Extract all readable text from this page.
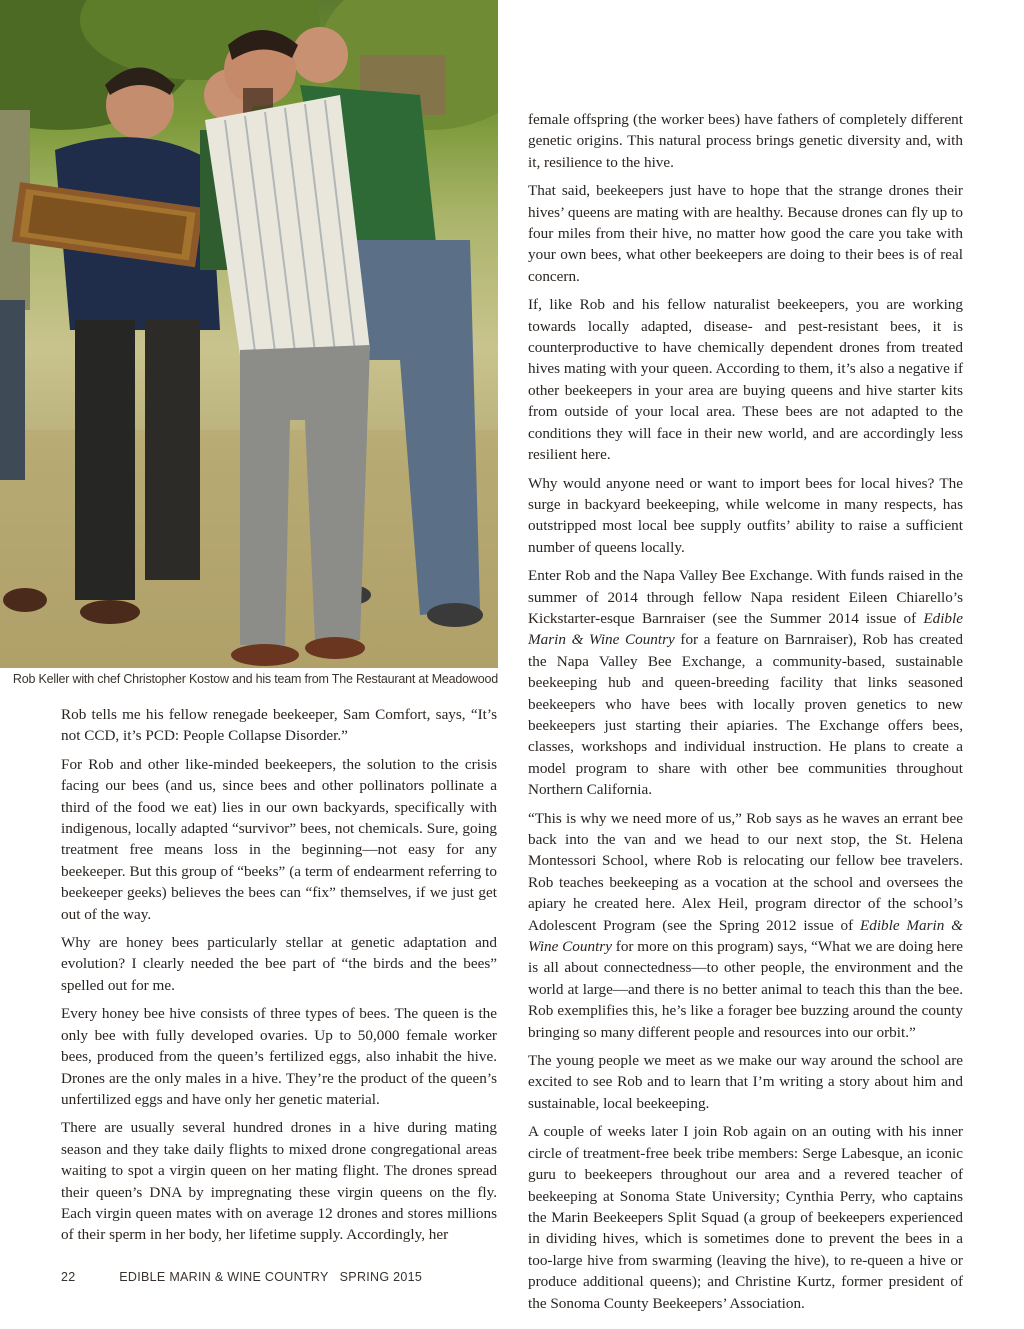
Rob Keller with chef Christopher Kostow and his team from The Restaurant at Meadowood

Rob tells me his fellow renegade beekeeper, Sam Comfort, says, “It’s not CCD, it’s PCD: People Collapse Disorder.”

For Rob and other like-minded beekeepers, the solution to the crisis facing our bees (and us, since bees and other pollinators pollinate a third of the food we eat) lies in our own backyards, specifically with indigenous, locally adapted “survivor” bees, not chemicals. Sure, going treatment free means loss in the beginning—not easy for any beekeeper. But this group of “beeks” (a term of endearment referring to beekeeper geeks) believes the bees can “fix” themselves, if we just get out of the way.

Why are honey bees particularly stellar at genetic adaptation and evolution? I clearly needed the bee part of “the birds and the bees” spelled out for me.

Every honey bee hive consists of three types of bees. The queen is the only bee with fully developed ovaries. Up to 50,000 female worker bees, produced from the queen’s fertilized eggs, also inhabit the hive. Drones are the only males in a hive. They’re the product of the queen’s unfertilized eggs and have only her genetic material.

There are usually several hundred drones in a hive during mating season and they take daily flights to mixed drone congregational areas waiting to spot a virgin queen on her mating flight. The drones spread their queen’s DNA by impregnating these virgin queens on the fly. Each virgin queen mates with on average 12 drones and stores millions of their sperm in her body, her lifetime supply. Accordingly, her

female offspring (the worker bees) have fathers of completely different genetic origins. This natural process brings genetic diversity and, with it, resilience to the hive.

That said, beekeepers just have to hope that the strange drones their hives’ queens are mating with are healthy. Because drones can fly up to four miles from their hive, no matter how good the care you take with your own bees, what other beekeepers are doing to their bees is of real concern.

If, like Rob and his fellow naturalist beekeepers, you are working towards locally adapted, disease- and pest-resistant bees, it is counterproductive to have chemically dependent drones from treated hives mating with your queen. According to them, it’s also a negative if other beekeepers in your area are buying queens and hive starter kits from outside of your local area. These bees are not adapted to the conditions they will face in their new world, and are accordingly less resilient here.

Why would anyone need or want to import bees for local hives? The surge in backyard beekeeping, while welcome in many respects, has outstripped most local bee supply outfits’ ability to raise a sufficient number of queens locally.

Enter Rob and the Napa Valley Bee Exchange. With funds raised in the summer of 2014 through fellow Napa resident Eileen Chiarello’s Kickstarter-esque Barnraiser (see the Summer 2014 issue of Edible Marin & Wine Country for a feature on Barnraiser), Rob has created the Napa Valley Bee Exchange, a community-based, sustainable beekeeping hub and queen-breeding facility that links seasoned beekeepers who have bees with locally proven genetics to new beekeepers just starting their apiaries. The Exchange offers bees, classes, workshops and individual instruction. He plans to create a model program to share with other bee communities throughout Northern California.

“This is why we need more of us,” Rob says as he waves an errant bee back into the van and we head to our next stop, the St. Helena Montessori School, where Rob is relocating our fellow bee travelers. Rob teaches beekeeping as a vocation at the school and oversees the apiary he created here. Alex Heil, program director of the school’s Adolescent Program (see the Spring 2012 issue of Edible Marin & Wine Country for more on this program) says, “What we are doing here is all about connectedness—to other people, the environment and the world at large—and there is no better animal to teach this than the bee. Rob exemplifies this, he’s like a forager bee buzzing around the county bringing so many different people and resources into our orbit.”

The young people we meet as we make our way around the school are excited to see Rob and to learn that I’m writing a story about him and sustainable, local beekeeping.

A couple of weeks later I join Rob again on an outing with his inner circle of treatment-free beek tribe members: Serge Labesque, an iconic guru to beekeepers throughout our area and a revered teacher of beekeeping at Sonoma State University; Cynthia Perry, who captains the Marin Beekeepers Split Squad (a group of beekeepers experienced in dividing hives, which is sometimes done to prevent the bees in a too-large hive from swarming (leaving the hive), to re-queen a hive or produce additional queens); and Christine Kurtz, former president of the Sonoma County Beekeepers’ Association.

22	EDIBLE MARIN & WINE COUNTRY   SPRING 2015
